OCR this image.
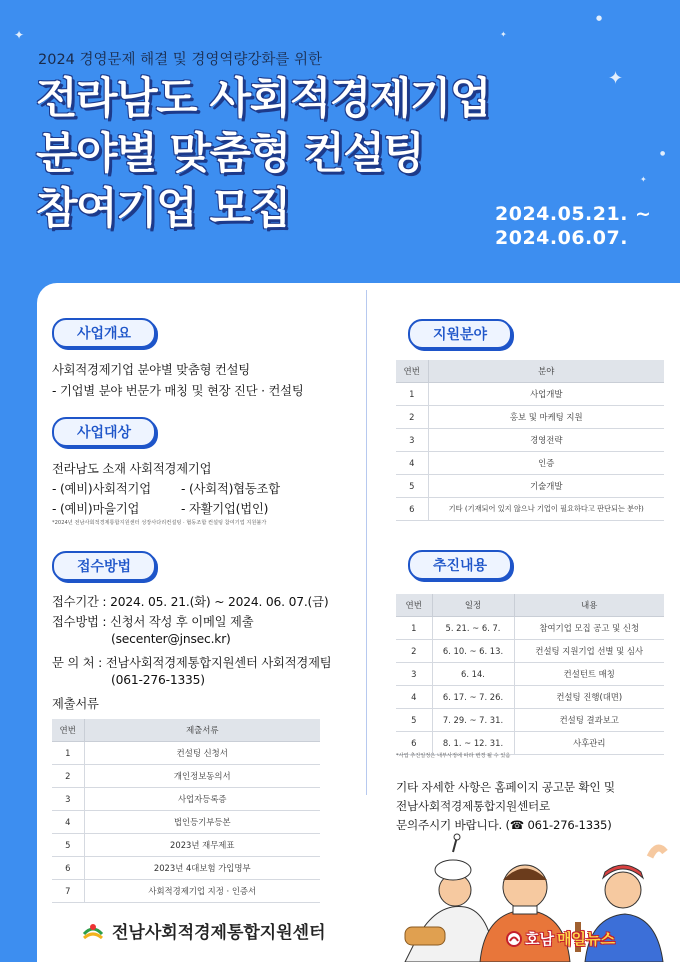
✦	✦
✦
●
●
✦
2024 경영문제 해결 및 경영역량강화를 위한
전라남도 사회적경제기업
분야별 맞춤형 컨설팅
참여기업 모집	2024.05.21. ~
2024.06.07.
사업개요
사회적경제기업 분야별 맞춤형 컨설팅
- 기업별 분야 번문가 매칭 및 현장 진단 · 컨설팅
사업대상
전라남도 소재 사회적경제기업
- (예비)사회적기업 - (사회적)협동조합
- (예비)마을기업	- 자활기업(법인)
*2024년 전남사회적경제통합지원센터 성장사다리컨설팅 · 협동조합 컨설팅 참여기업 지원불가
접수방법
접수기간 : 2024. 05. 21.(화) ~ 2024. 06. 07.(금)
접수방법 : 신청서 작성 후 이메일 제출
(secenter@jnsec.kr)
문 의 처 : 전남사회적경제통합지원센터 사회적경제팀
(061-276-1335)
제출서류
연번	제출서류
1	컨설팅 신청서
2	개인정보동의서
3	사업자등록증
4	법인등기부등본
5	2023년 재무제표
6	2023년 4대보험 가입명부
7	사회적경제기업 지정 · 인증서
지원분야
연번	분야
1	사업개발
2	홍보 및 마케팅 지원
3	경영전략
4	인증
5	기술개발
6	기타 (기재되어 있지 않으나 기업이 필요하다고 판단되는 분야)
추진내용
연번	일정	내용
1	5. 21. ~ 6. 7.	참여기업 모집 공고 및 신청
2	6. 10. ~ 6. 13.	컨설팅 지원기업 선별 및 심사
3	6. 14.	컨설턴트 매칭
4	6. 17. ~ 7. 26.	컨설팅 진행(대면)
5	7. 29. ~ 7. 31.	컨설팅 결과보고
6	8. 1. ~ 12. 31.	사후관리
*사업 추진일정은 내부사정에 따라 변경 될 수 있음
기타 자세한 사항은 홈페이지 공고문 확인 및
전남사회적경제통합지원센터로
문의주시기 바랍니다. (☎ 061-276-1335)
전남사회적경제통합지원센터	호남 매일뉴스
